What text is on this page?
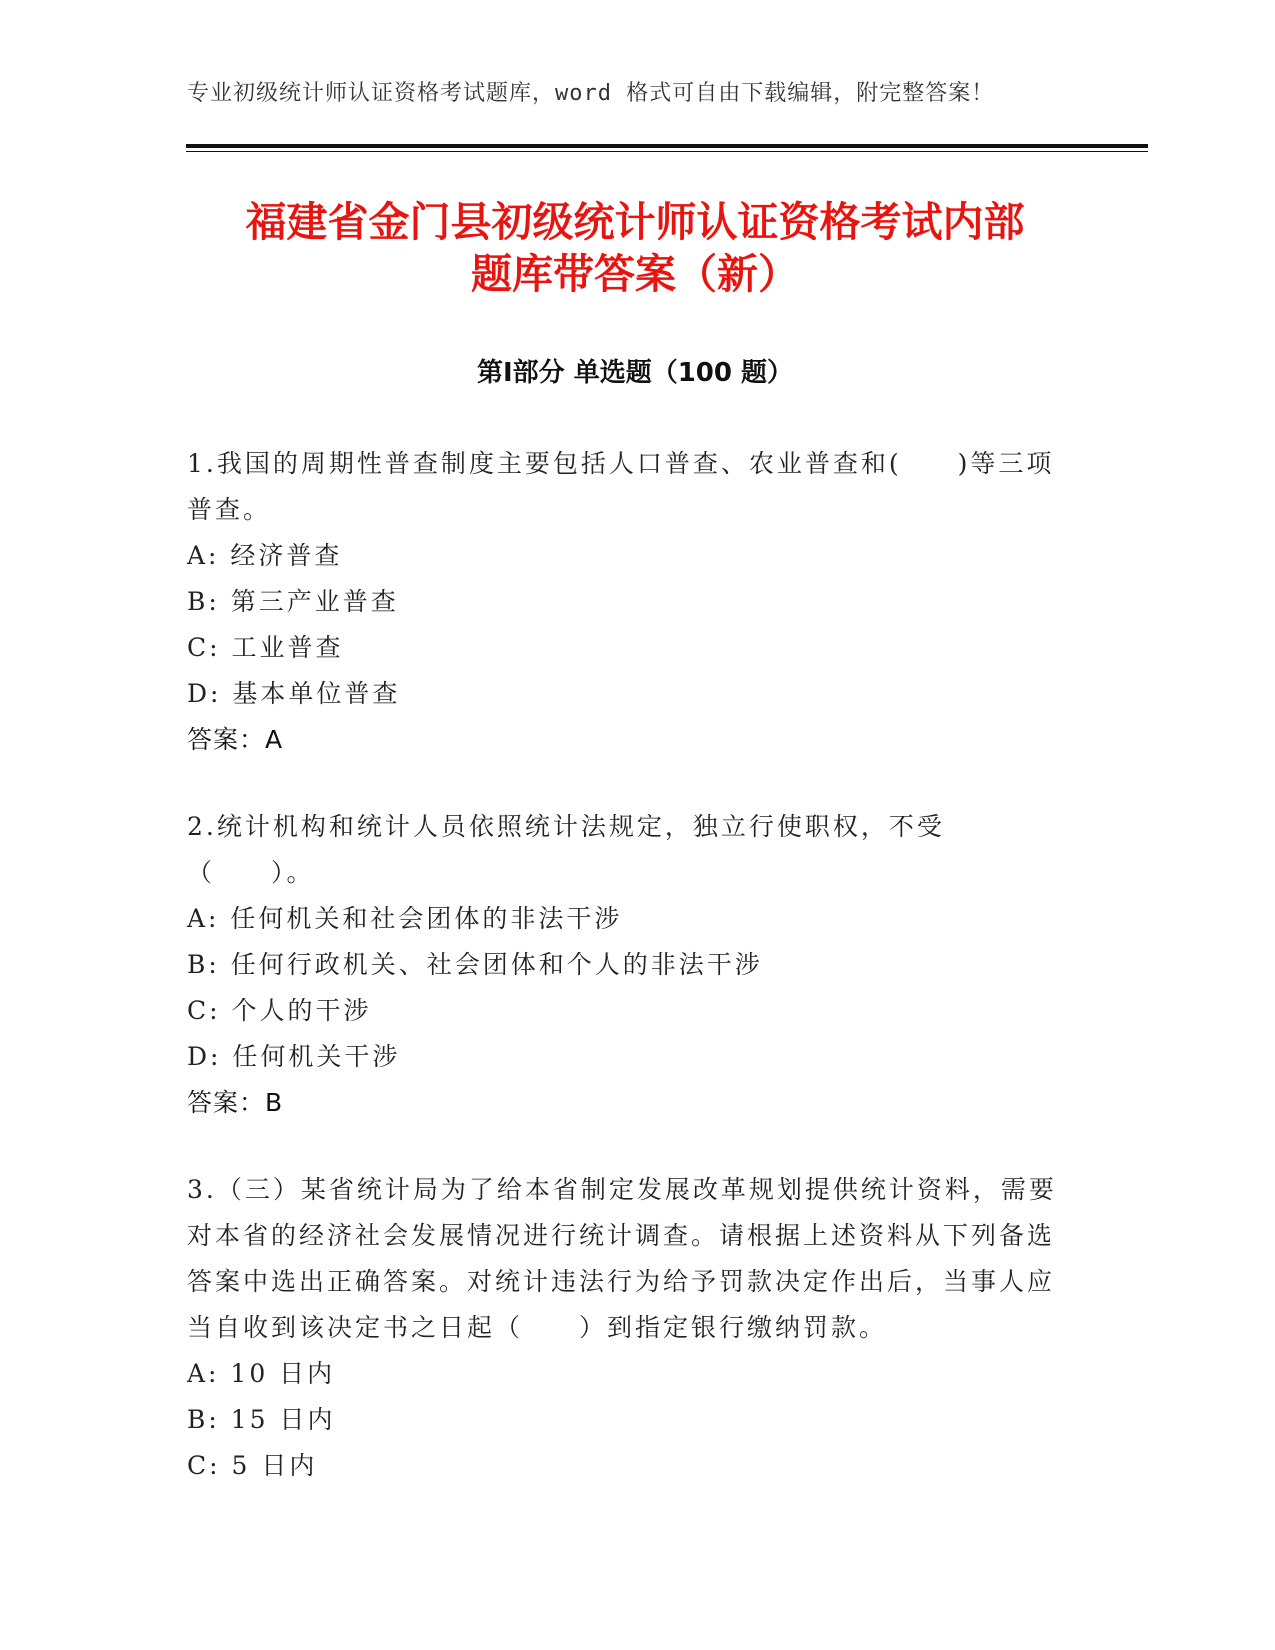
专业初级统计师认证资格考试题库，word 格式可自由下载编辑，附完整答案！
福建省金门县初级统计师认证资格考试内部
题库带答案（新）
第Ⅰ部分 单选题（100 题）

1.我国的周期性普查制度主要包括人口普查、农业普查和(　　)等三项普查。

A: 经济普查
B: 第三产业普查
C: 工业普查
D: 基本单位普查

答案：A

2.统计机构和统计人员依照统计法规定，独立行使职权，不受（　　）。

A: 任何机关和社会团体的非法干涉
B: 任何行政机关、社会团体和个人的非法干涉
C: 个人的干涉
D: 任何机关干涉

答案：B

3.（三）某省统计局为了给本省制定发展改革规划提供统计资料，需要对本省的经济社会发展情况进行统计调查。请根据上述资料从下列备选答案中选出正确答案。对统计违法行为给予罚款决定作出后，当事人应当自收到该决定书之日起（　　）到指定银行缴纳罚款。

A: 10 日内
B: 15 日内
C: 5 日内
